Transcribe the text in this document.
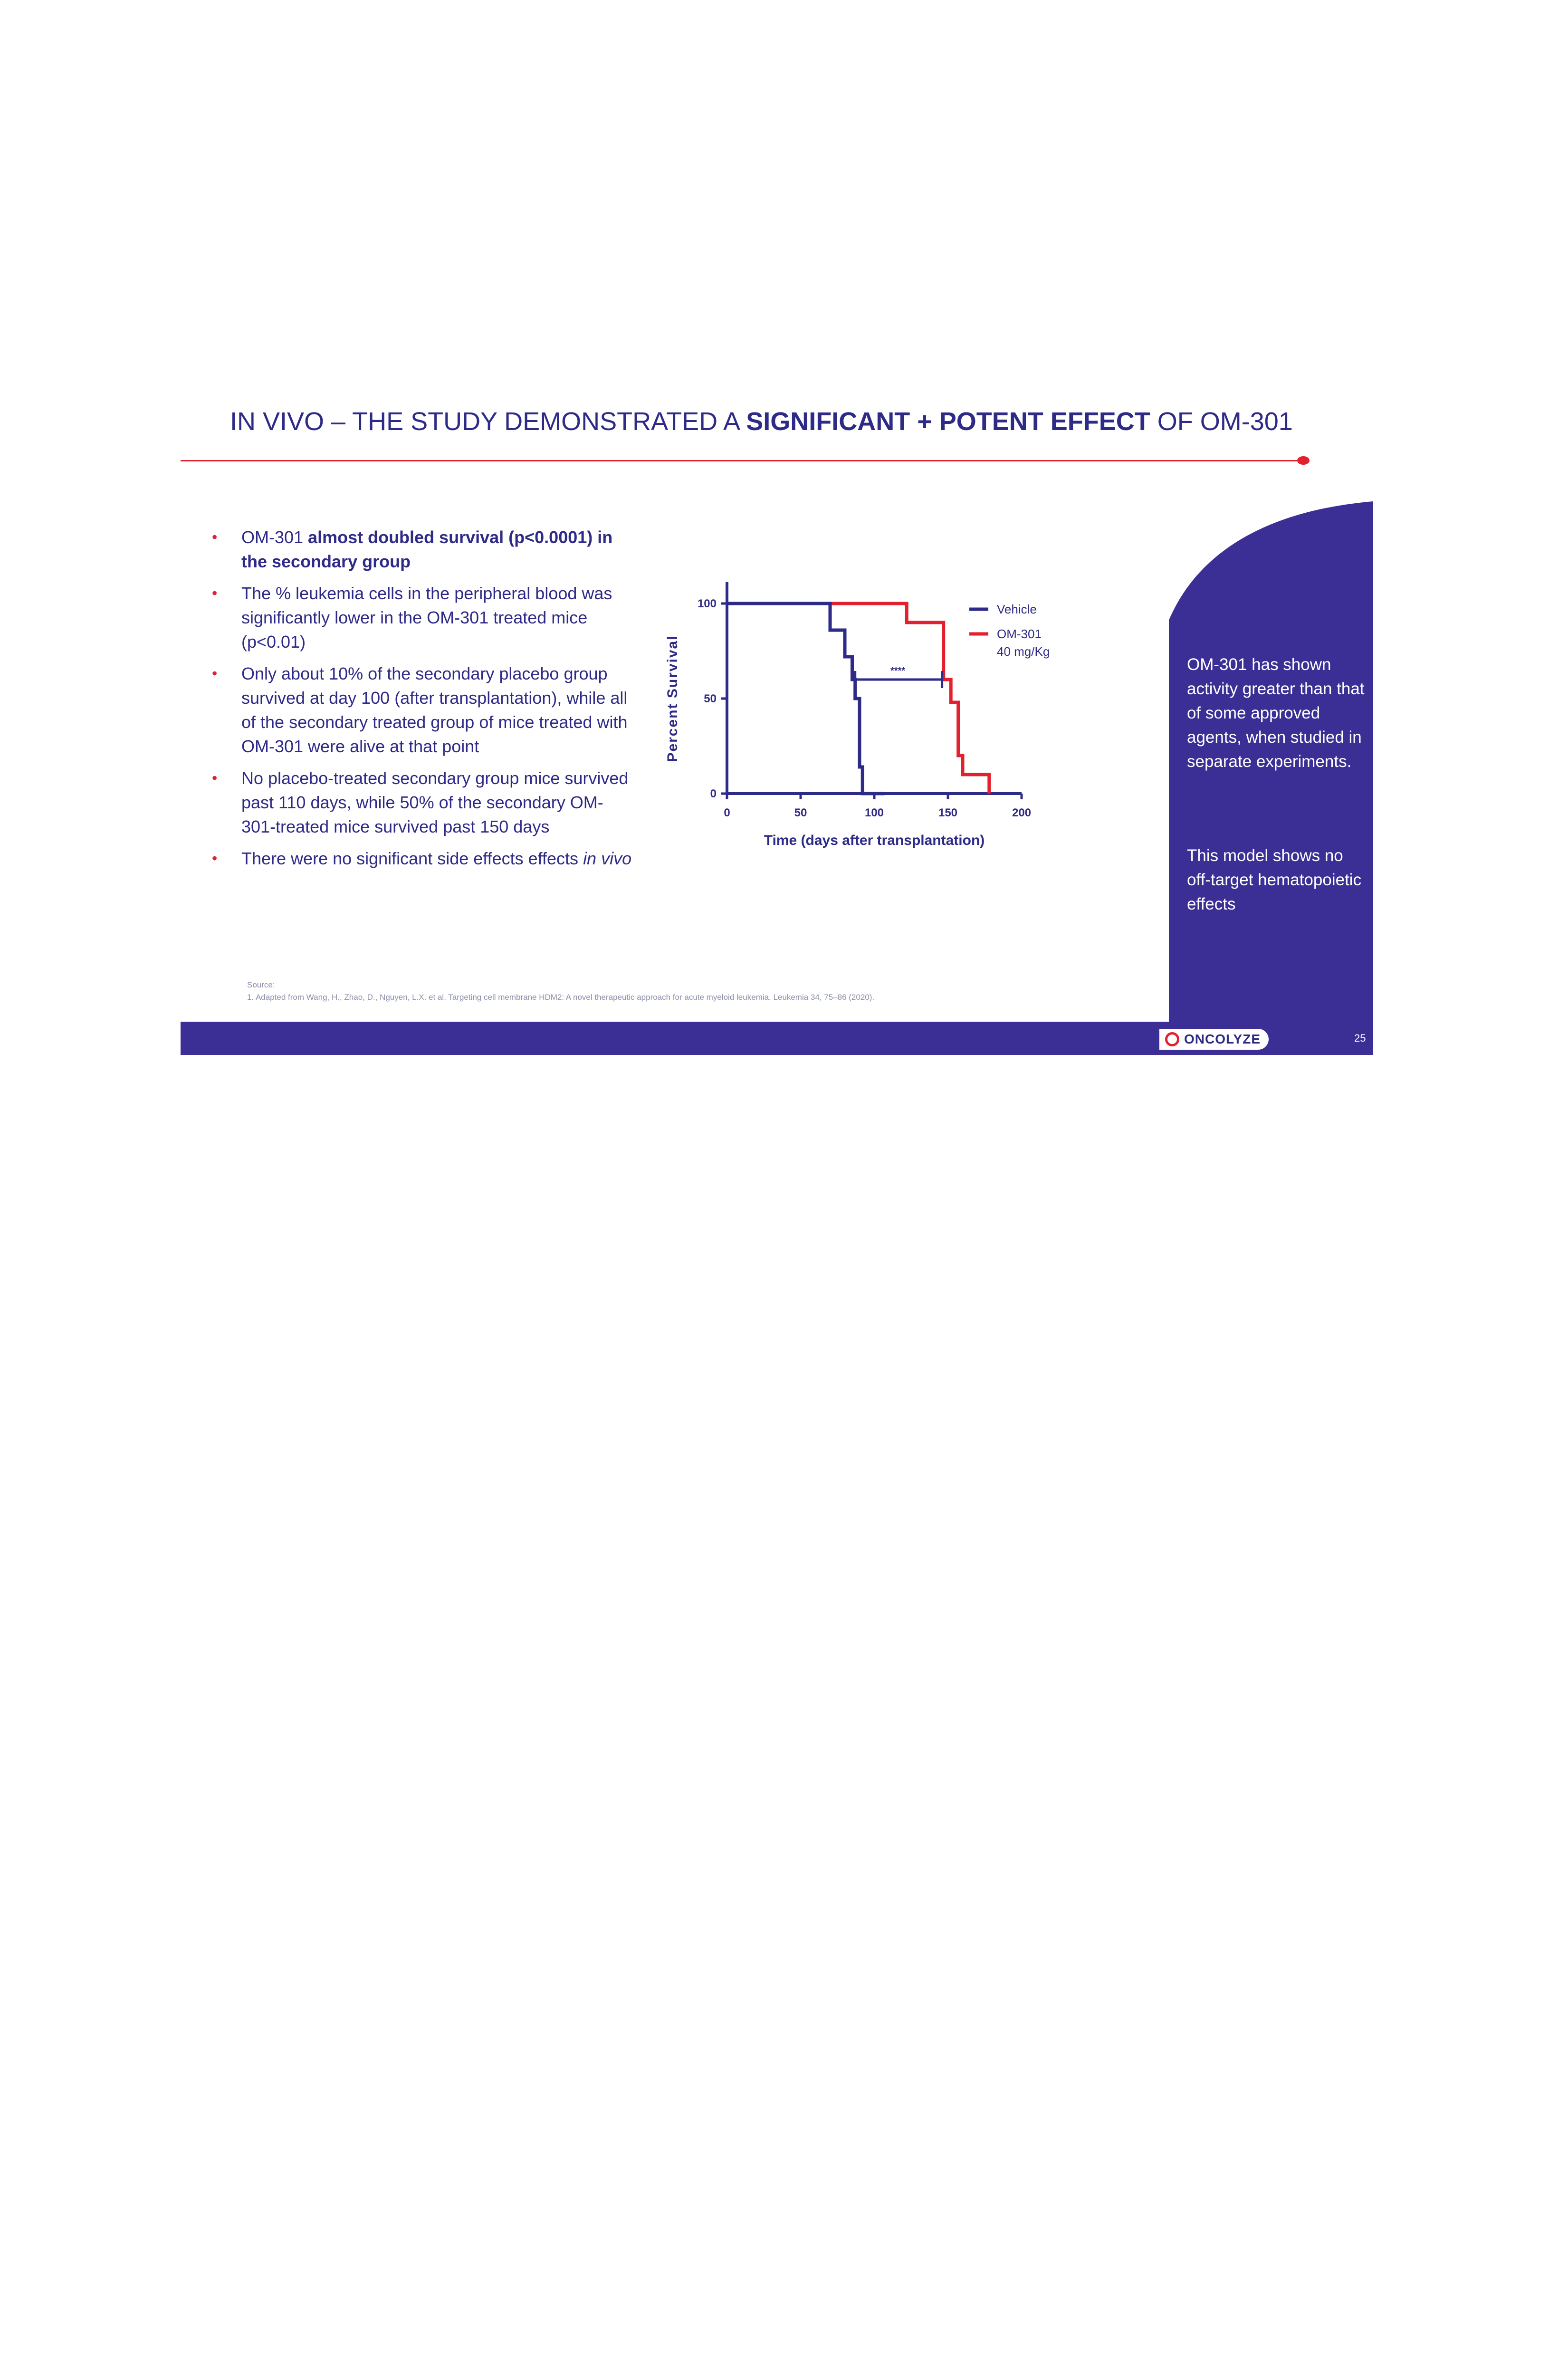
IN VIVO – THE STUDY DEMONSTRATED A SIGNIFICANT + POTENT EFFECT OF OM-301
• OM-301 almost doubled survival (p<0.0001) in the secondary group
• The % leukemia cells in the peripheral blood was significantly lower in the OM-301 treated mice (p<0.01)
• Only about 10% of the secondary placebo group survived at day 100 (after transplantation), while all of the secondary treated group of mice treated with OM-301 were alive at that point
• No placebo-treated secondary group mice survived past 110 days, while 50% of the secondary OM-301-treated mice survived past 150 days
• There were no significant side effects effects in vivo
0	50	100	150	200
0
50
100
Time (days after transplantation)
Percent Survival	****
Vehicle
OM-301
40 mg/Kg
OM-301 has shown activity greater than that of some approved agents, when studied in separate experiments.
This model shows no off-target hematopoietic effects
Source:
1. Adapted from Wang, H., Zhao, D., Nguyen, L.X. et al. Targeting cell membrane HDM2: A novel therapeutic approach for acute myeloid leukemia. Leukemia 34, 75–86 (2020).
ONCOLYZE	25
